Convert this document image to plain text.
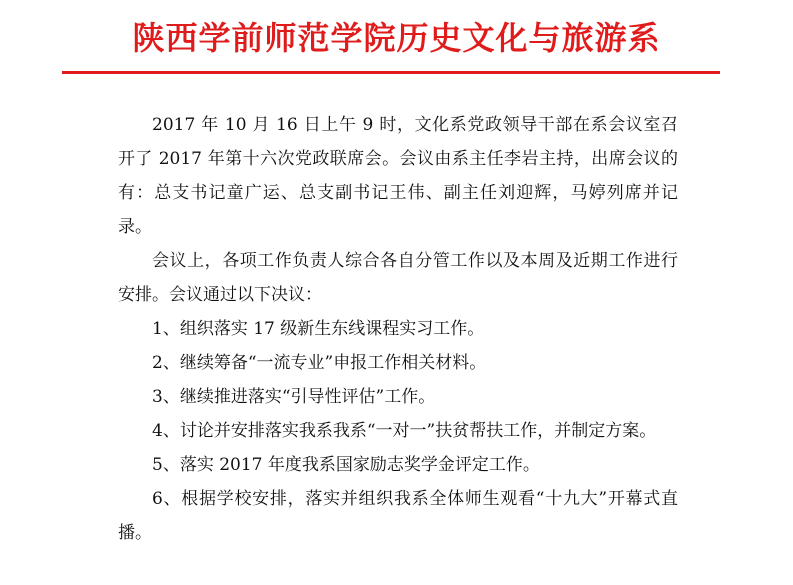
陕西学前师范学院历史文化与旅游系

2017 年 10 月 16 日上午 9 时，文化系党政领导干部在系会议室召开了 2017 年第十六次党政联席会。会议由系主任李岩主持，出席会议的有：总支书记童广运、总支副书记王伟、副主任刘迎辉，马婷列席并记录。

会议上，各项工作负责人综合各自分管工作以及本周及近期工作进行安排。会议通过以下决议：

1、组织落实 17 级新生东线课程实习工作。

2、继续筹备“一流专业”申报工作相关材料。

3、继续推进落实“引导性评估”工作。

4、讨论并安排落实我系我系“一对一”扶贫帮扶工作，并制定方案。

5、落实 2017 年度我系国家励志奖学金评定工作。

6、根据学校安排，落实并组织我系全体师生观看“十九大”开幕式直播。
